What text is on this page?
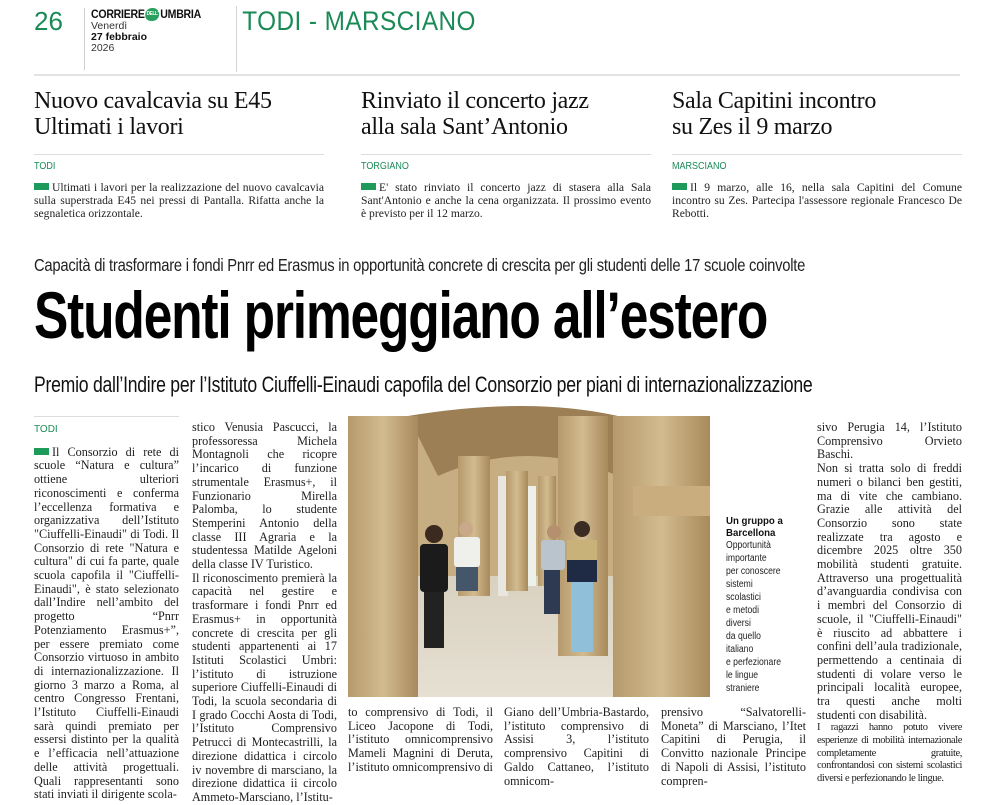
26 CORRIERE DELL' UMBRIA
Venerdì
27 febbraio
2026
TODI - MARSCIANO
Nuovo cavalcavia su E45
Ultimati i lavori
TODI

Ultimati i lavori per la realizzazione del nuovo cavalcavia sulla superstrada E45 nei pressi di Pantalla. Rifatta anche la segnaletica orizzontale.

Rinviato il concerto jazz
alla sala Sant’Antonio
TORGIANO

E' stato rinviato il concerto jazz di stasera alla Sala Sant'Antonio e anche la cena organizzata. Il prossimo evento è previsto per il 12 marzo.

Sala Capitini incontro
su Zes il 9 marzo
MARSCIANO

Il 9 marzo, alle 16, nella sala Capitini del Comune incontro su Zes. Partecipa l'assessore regionale Francesco De Rebotti.

Capacità di trasformare i fondi Pnrr ed Erasmus in opportunità concrete di crescita per gli studenti delle 17 scuole coinvolte
Studenti primeggiano all’estero
Premio dall’Indire per l’Istituto Ciuffelli-Einaudi capofila del Consorzio per piani di internazionalizzazione
TODI

Il Consorzio di rete di scuole “Natura e cultura” ottiene ulteriori riconoscimenti e conferma l’eccellenza formativa e organizzativa dell’Istituto "Ciuffelli-Einaudi" di Todi. Il Consorzio di rete "Natura e cultura" di cui fa parte, quale scuola capofila il "Ciuffelli- Einaudi", è stato selezionato dall’Indire nell’ambito del progetto “Pnrr Potenziamento Erasmus+”, per essere premiato come Consorzio virtuoso in ambito di internazionalizzazione. Il giorno 3 marzo a Roma, al centro Congresso Frentani, l’Istituto Ciuffelli-Einaudi sarà quindi premiato per essersi distinto per la qualità e l’efficacia nell’attuazione delle attività progettuali. Quali rappresentanti sono stati inviati il dirigente scola-

stico Venusia Pascucci, la professoressa Michela Montagnoli che ricopre l’incarico di funzione strumentale Erasmus+, il Funzionario Mirella Palomba, lo studente Stemperini Antonio della classe III Agraria e la studentessa Matilde Ageloni della classe IV Turistico.

Il riconoscimento premierà la capacità nel gestire e trasformare i fondi Pnrr ed Erasmus+ in opportunità concrete di crescita per gli studenti appartenenti ai 17 Istituti Scolastici Umbri: l’istituto di istruzione superiore Ciuffelli-Einaudi di Todi, la scuola secondaria di I grado Cocchi Aosta di Todi, l’Istituto Comprensivo Petrucci di Montecastrilli, la direzione didattica i circolo iv novembre di marsciano, la direzione didattica ii circolo Ammeto-Marsciano, l’Istitu-

Un gruppo a Barcellona
Opportunità
importante
per conoscere
sistemi
scolastici
e metodi
diversi
da quello
italiano
e perfezionare
le lingue
straniere

to comprensivo di Todi, il Liceo Jacopone di Todi, l’istituto omnicomprensivo Mameli Magnini di Deruta, l’istituto omnicomprensivo di

Giano dell’Umbria-Bastardo, l’istituto comprensivo di Assisi 3, l’istituto comprensivo Capitini di Galdo Cattaneo, l’istituto omnicom-

prensivo “Salvatorelli-Moneta” di Marsciano, l’Itet Capitini di Perugia, il Convitto nazionale Principe di Napoli di Assisi, l’istituto compren-

sivo Perugia 14, l’Istituto Comprensivo Orvieto Baschi.

Non si tratta solo di freddi numeri o bilanci ben gestiti, ma di vite che cambiano. Grazie alle attività del Consorzio sono state realizzate tra agosto e dicembre 2025 oltre 350 mobilità studenti gratuite. Attraverso una progettualità d’avanguardia condivisa con i membri del Consorzio di scuole, il "Ciuffelli-Einaudi" è riuscito ad abbattere i confini dell’aula tradizionale, permettendo a centinaia di studenti di volare verso le principali località europee, tra questi anche molti studenti con disabilità.

I ragazzi hanno potuto vivere esperienze di mobilità internazionale completamente gratuite, confrontandosi con sistemi scolastici diversi e perfezionando le lingue.
